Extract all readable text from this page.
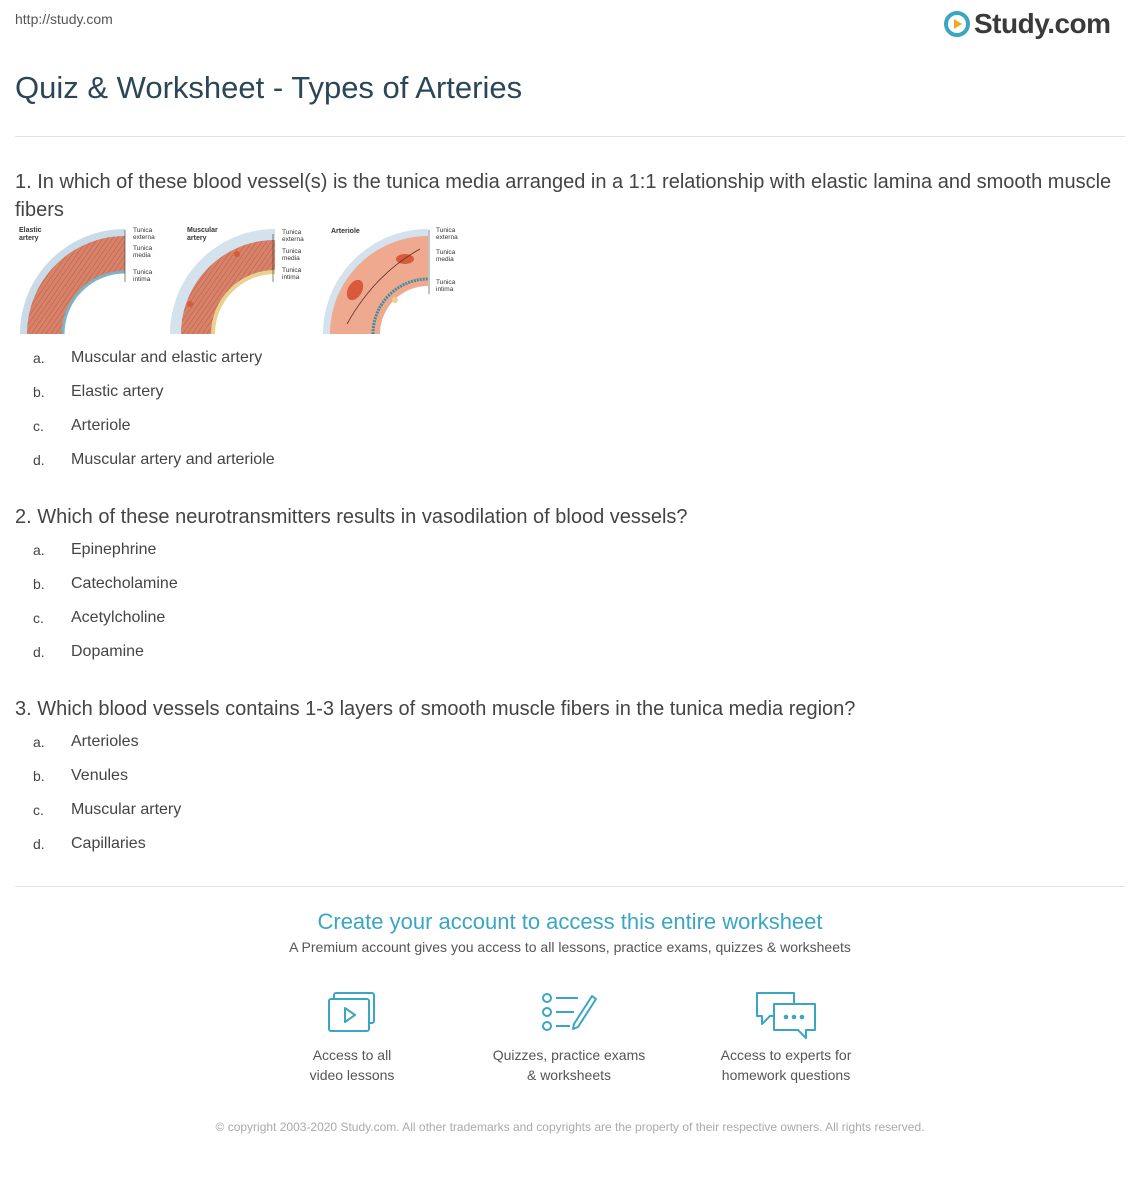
http://study.com	Study.com
Quiz & Worksheet - Types of Arteries
1. In which of these blood vessel(s) is the tunica media arranged in a 1:1 relationship with elastic lamina and smooth muscle fibers
Elastic
artery
Tunica
externa
Tunica
media
Tunica
intima
Muscular
artery
Tunica
externa
Tunica
media
Tunica
intima
Arteriole	Tunica
externa
Tunica
media
Tunica
intima
a. Muscular and elastic artery
b. Elastic artery
c. Arteriole
d. Muscular artery and arteriole
2. Which of these neurotransmitters results in vasodilation of blood vessels?
a. Epinephrine
b. Catecholamine
c. Acetylcholine
d. Dopamine
3. Which blood vessels contains 1-3 layers of smooth muscle fibers in the tunica media region?
a. Arterioles
b. Venules
c. Muscular artery
d. Capillaries
Create your account to access this entire worksheet
A Premium account gives you access to all lessons, practice exams, quizzes & worksheets
Access to all
video lessons
Quizzes, practice exams
& worksheets
Access to experts for
homework questions
© copyright 2003-2020 Study.com. All other trademarks and copyrights are the property of their respective owners. All rights reserved.
